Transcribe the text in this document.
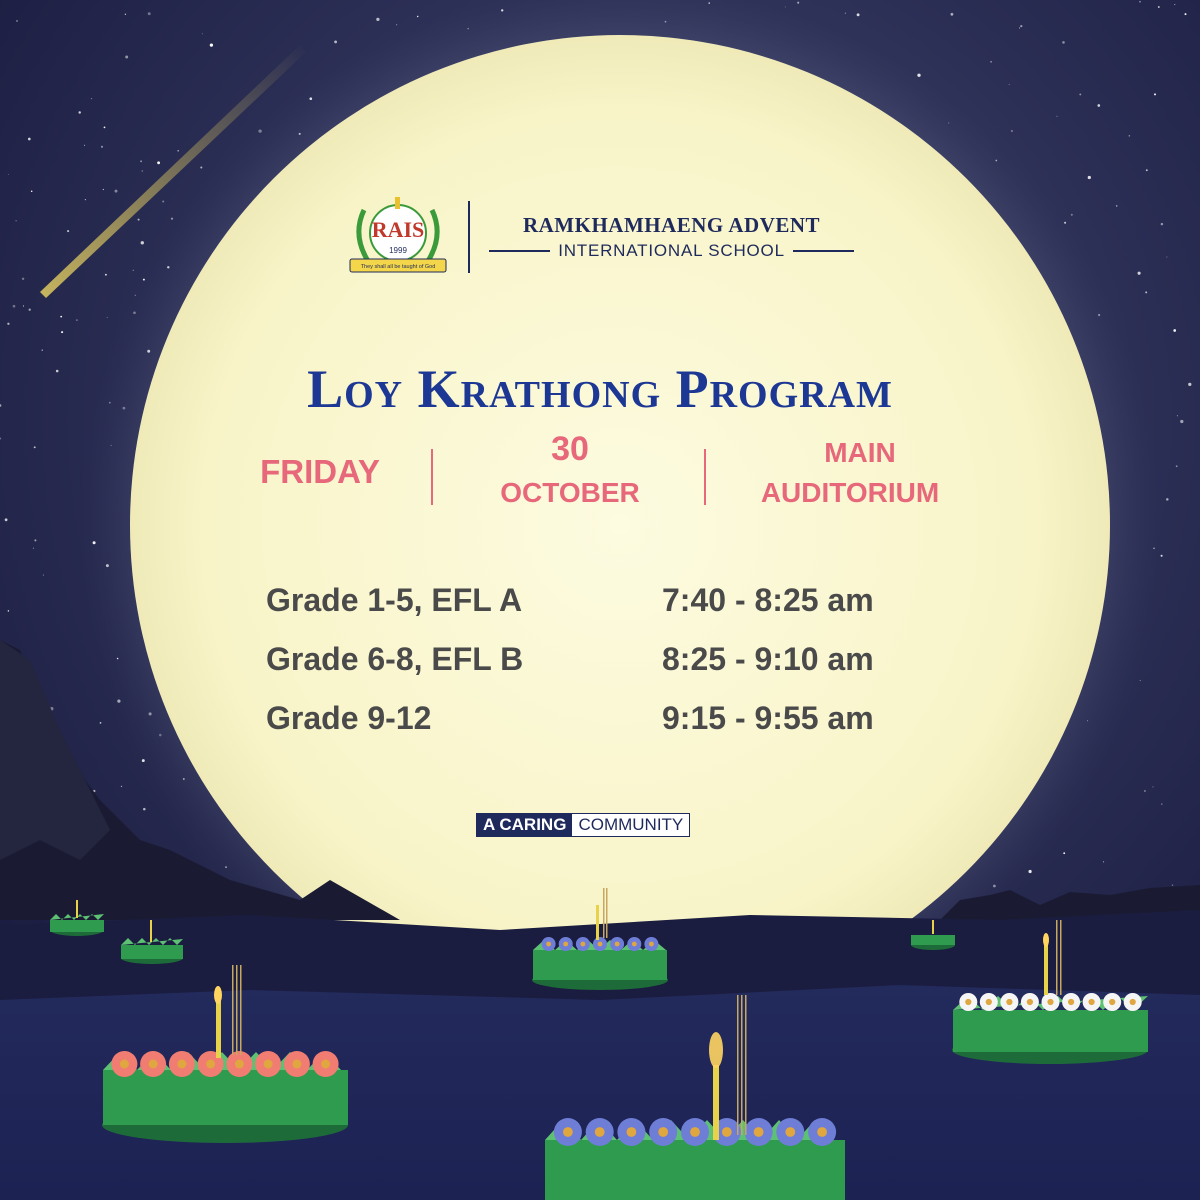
RAIS
1999
They shall all be taught of God
RAMKHAMHAENG ADVENT
INTERNATIONAL SCHOOL
Loy Krathong Program
FRIDAY
30
OCTOBER
MAIN
AUDITORIUM
Grade 1-5, EFL A	7:40 - 8:25 am
Grade 6-8, EFL B	8:25 - 9:10 am
Grade 9-12	9:15 - 9:55 am
A CARING COMMUNITY
